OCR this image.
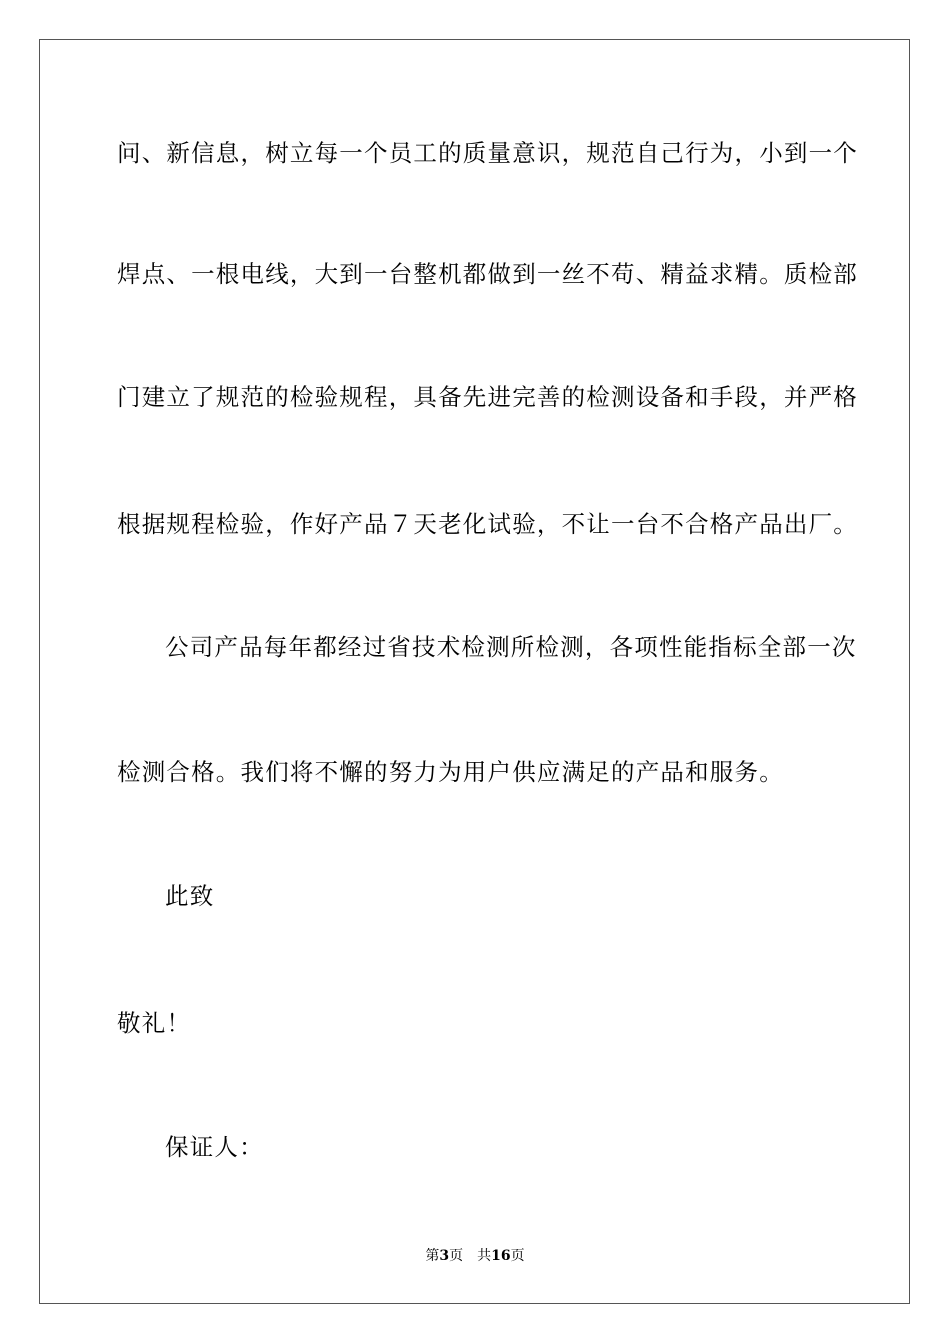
问、新信息，树立每一个员工的质量意识，规范自己行为，小到一个
焊点、一根电线，大到一台整机都做到一丝不苟、精益求精。质检部
门建立了规范的检验规程，具备先进完善的检测设备和手段，并严格
根据规程检验，作好产品７天老化试验，不让一台不合格产品出厂。
公司产品每年都经过省技术检测所检测，各项性能指标全部一次
检测合格。我们将不懈的努力为用户供应满足的产品和服务。
此致
敬礼！
保证人：
第3页 共16页
